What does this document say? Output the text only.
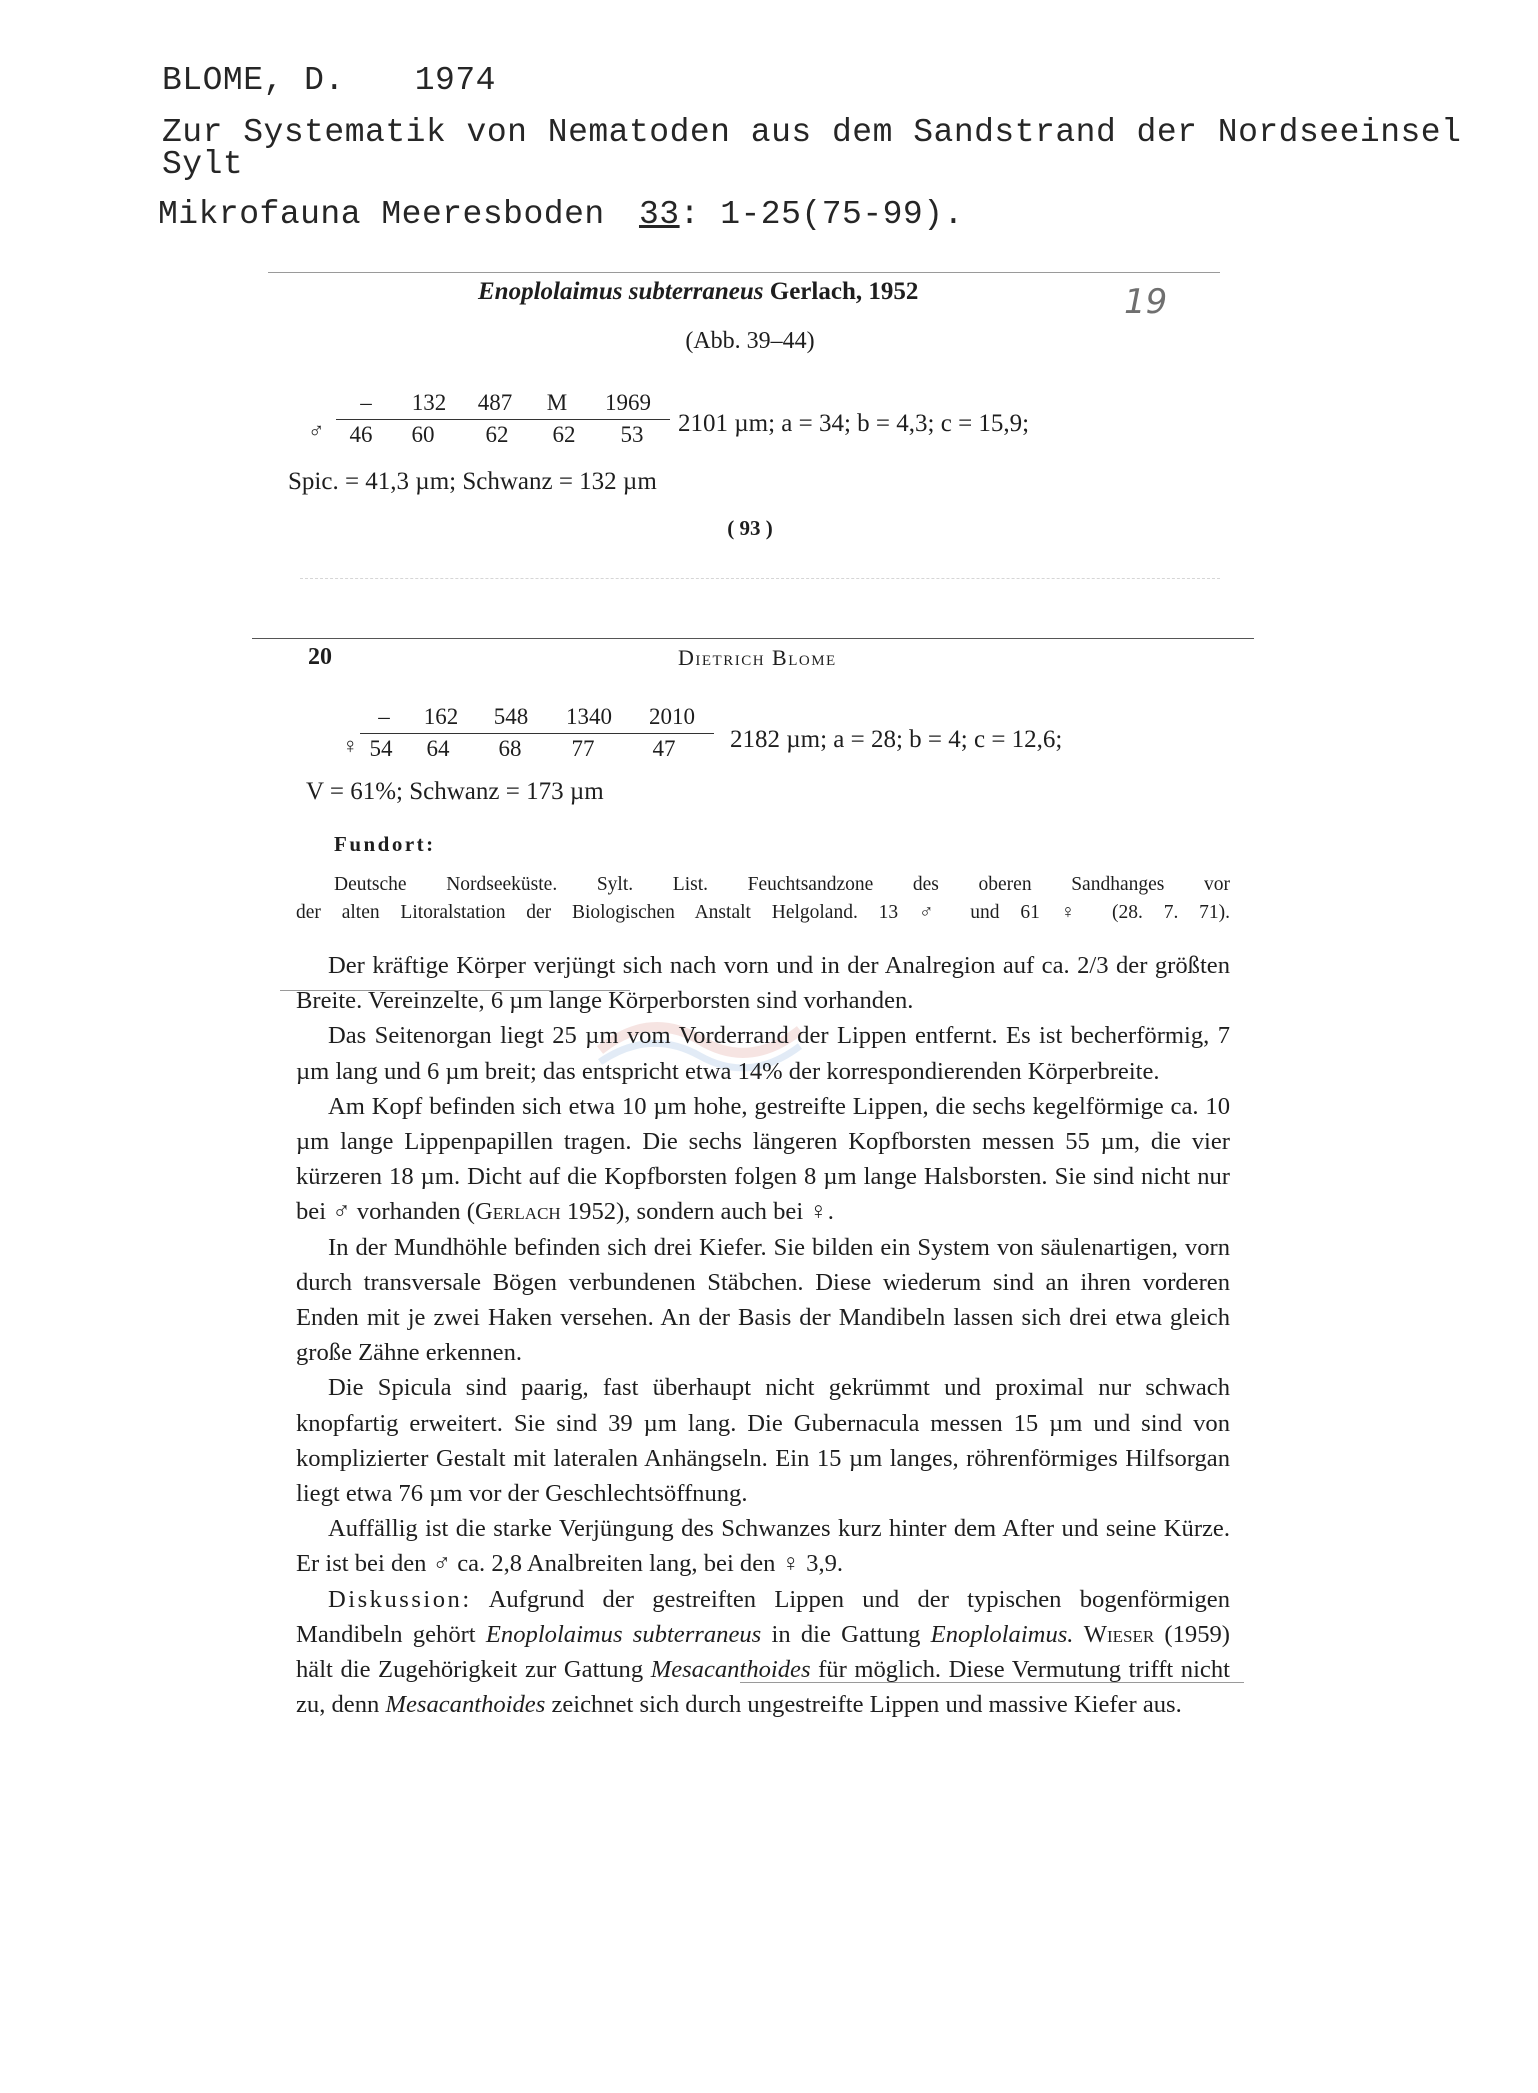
BLOME, D. 1974
Zur Systematik von Nematoden aus dem Sandstrand der Nordseeinsel
Sylt
Mikrofauna Meeresboden 33: 1-25(75-99).
19
Enoplolaimus subterraneus Gerlach, 1952
(Abb. 39–44)
♂
–	132	487	M	1969
46	60	62	62	53	2101 µm; a = 34; b = 4,3; c = 15,9;
Spic. = 41,3 µm; Schwanz = 132 µm
( 93 )
20	Dietrich Blome
♀
–	162	548	1340	2010
54	64	68	77	47	2182 µm; a = 28; b = 4; c = 12,6;
V = 61%; Schwanz = 173 µm
Fundort:
Deutsche Nordseeküste. Sylt. List. Feuchtsandzone des oberen Sandhanges vor
der alten Litoralstation der Biologischen Anstalt Helgoland. 13 ♂ und 61 ♀ (28. 7. 71).

Der kräftige Körper verjüngt sich nach vorn und in der Analregion auf ca. 2/3 der größten Breite. Vereinzelte, 6 µm lange Körperborsten sind vorhanden.

Das Seitenorgan liegt 25 µm vom Vorderrand der Lippen entfernt. Es ist becherförmig, 7 µm lang und 6 µm breit; das entspricht etwa 14% der korrespondierenden Körperbreite.

Am Kopf befinden sich etwa 10 µm hohe, gestreifte Lippen, die sechs kegelförmige ca. 10 µm lange Lippenpapillen tragen. Die sechs längeren Kopfborsten messen 55 µm, die vier kürzeren 18 µm. Dicht auf die Kopfborsten folgen 8 µm lange Halsborsten. Sie sind nicht nur bei ♂ vorhanden (Gerlach 1952), sondern auch bei ♀.

In der Mundhöhle befinden sich drei Kiefer. Sie bilden ein System von säulenartigen, vorn durch transversale Bögen verbundenen Stäbchen. Diese wiederum sind an ihren vorderen Enden mit je zwei Haken versehen. An der Basis der Mandibeln lassen sich drei etwa gleich große Zähne erkennen.

Die Spicula sind paarig, fast überhaupt nicht gekrümmt und proximal nur schwach knopfartig erweitert. Sie sind 39 µm lang. Die Gubernacula messen 15 µm und sind von komplizierter Gestalt mit lateralen Anhängseln. Ein 15 µm langes, röhrenförmiges Hilfsorgan liegt etwa 76 µm vor der Geschlechtsöffnung.

Auffällig ist die starke Verjüngung des Schwanzes kurz hinter dem After und seine Kürze. Er ist bei den ♂ ca. 2,8 Analbreiten lang, bei den ♀ 3,9.

Diskussion: Aufgrund der gestreiften Lippen und der typischen bogenförmigen Mandibeln gehört Enoplolaimus subterraneus in die Gattung Enoplolaimus. Wieser (1959) hält die Zugehörigkeit zur Gattung Mesacanthoides für möglich. Diese Vermutung trifft nicht zu, denn Mesacanthoides zeichnet sich durch ungestreifte Lippen und massive Kiefer aus.
